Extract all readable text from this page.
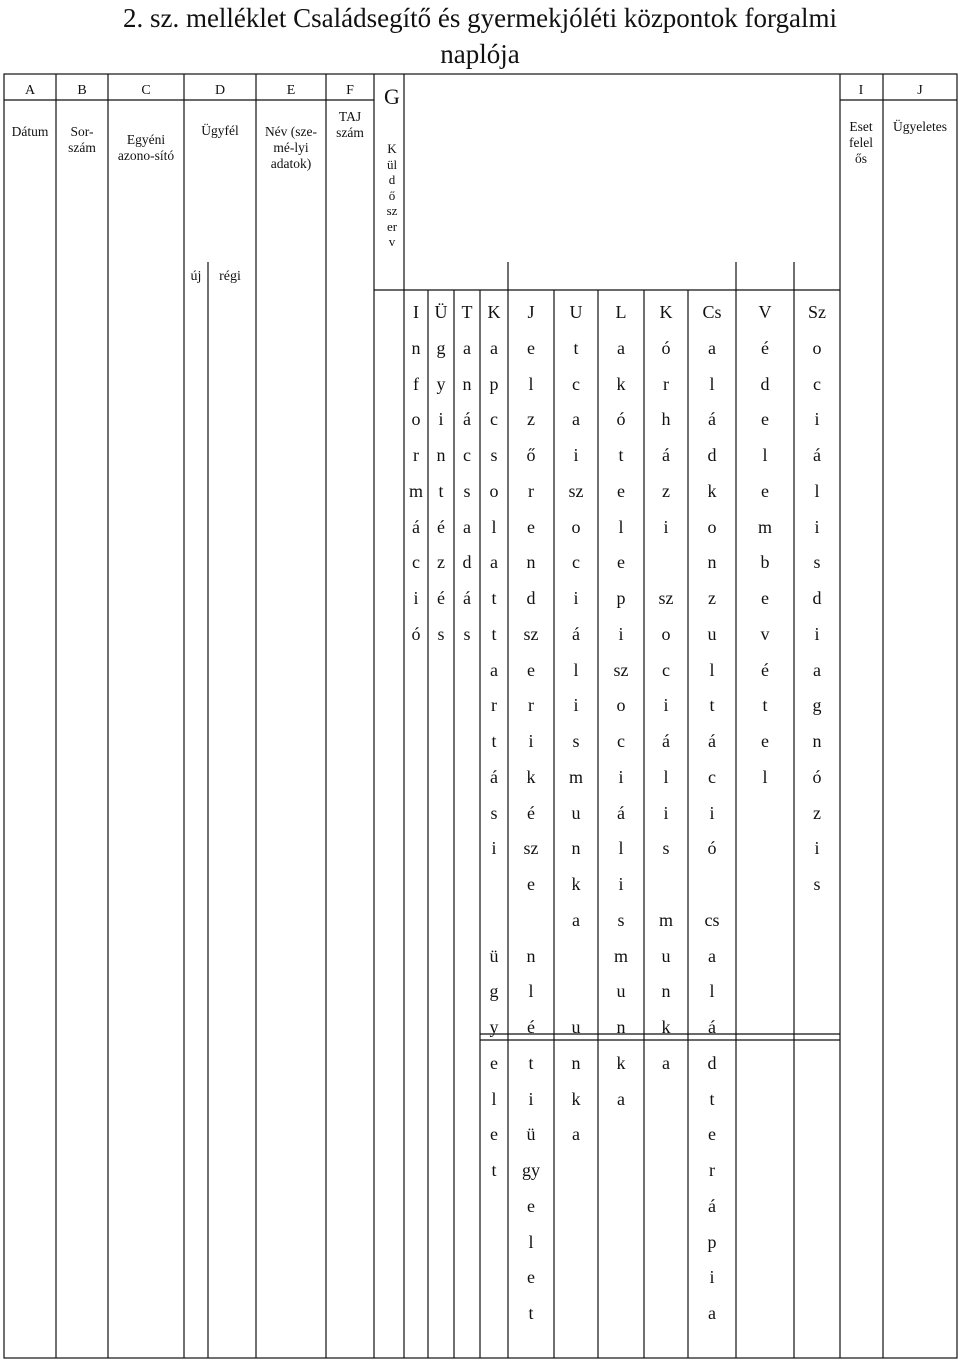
2. sz. melléklet Családsegítő és gyermekjóléti központok forgalmi
naplója
A
Dátum
B
Sor-szám
C
Egyéni azono-sító
D
Ügyfél
új régi
E
Név (sze-mé-lyi adatok)
F
TAJ szám
G
K ül d ő sz er v
I
Eset felel ős
J
Ügyeletes
I
n
f
o
r
m
á
c
i
ó
Ü
g
y
i
n
t
é
z
é
s
T
a
n
á
c
s
a
d
á
s
K
a
p
c
s
o
l
a
t
t
a
r
t
á
s
i
ü
g
y
e
l
e
t
J
e
l
z
ő
r
e
n
d
sz
e
r
i
k
é
sz
e
n
l
é
t
i
ü
gy
e
l
e
t
U
t
c
a
i
sz
o
c
i
á
l
i
s
m
u
n
k
a
u
n
k
a
L
a
k
ó
t
e
l
e
p
i
sz
o
c
i
á
l
i
s
m
u
n
k
a
K
ó
r
h
á
z
i
sz
o
c
i
á
l
i
s
m
u
n
k
a
Cs
a
l
á
d
k
o
n
z
u
l
t
á
c
i
ó
cs
a
l
á
d
t
e
r
á
p
i
a
V
é
d
e
l
e
m
b
e
v
é
t
e
l
Sz
o
c
i
á
l
i
s
d
i
a
g
n
ó
z
i
s
